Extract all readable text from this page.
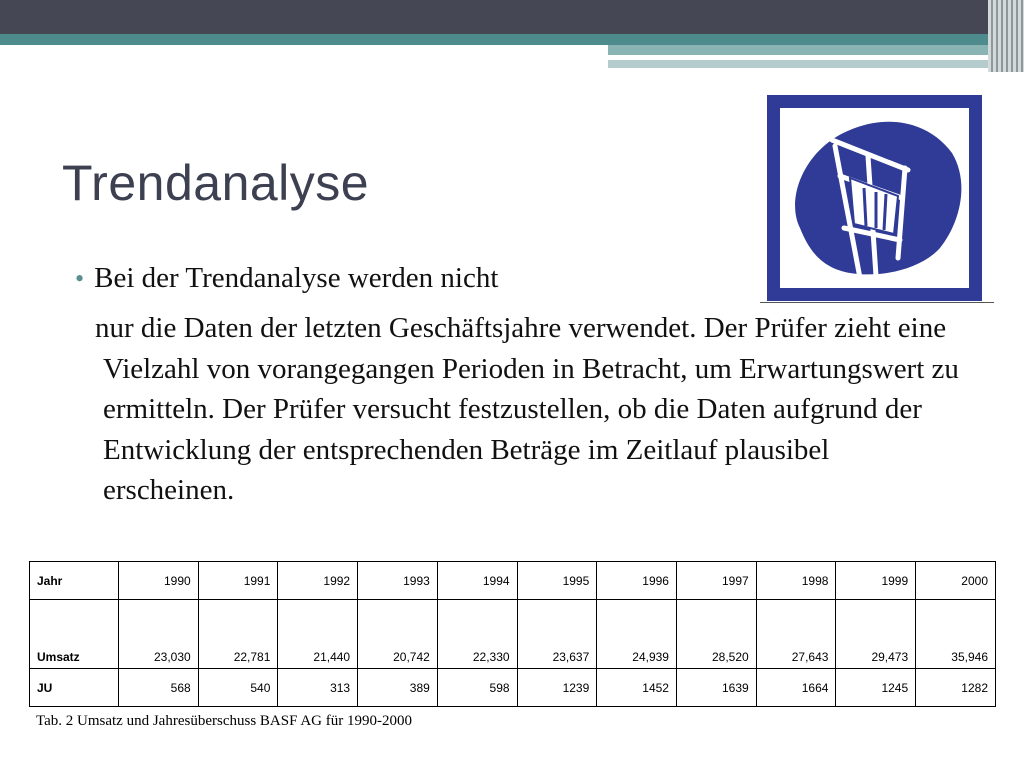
Trendanalyse
• Bei der Trendanalyse werden nicht

nur die Daten der letzten Geschäftsjahre verwendet. Der Prüfer zieht eine Vielzahl von vorangegangen Perioden in Betracht, um Erwartungswert zu ermitteln. Der Prüfer versucht festzustellen, ob die Daten aufgrund der Entwicklung der entsprechenden Beträge im Zeitlauf plausibel erscheinen.

Jahr	1990	1991	1992	1993	1994	1995	1996	1997	1998	1999	2000
Umsatz	23,030	22,781	21,440	20,742	22,330	23,637	24,939	28,520	27,643	29,473	35,946
JU	568	540	313	389	598	1239	1452	1639	1664	1245	1282
Tab. 2 Umsatz und Jahresüberschuss BASF AG für 1990-2000
